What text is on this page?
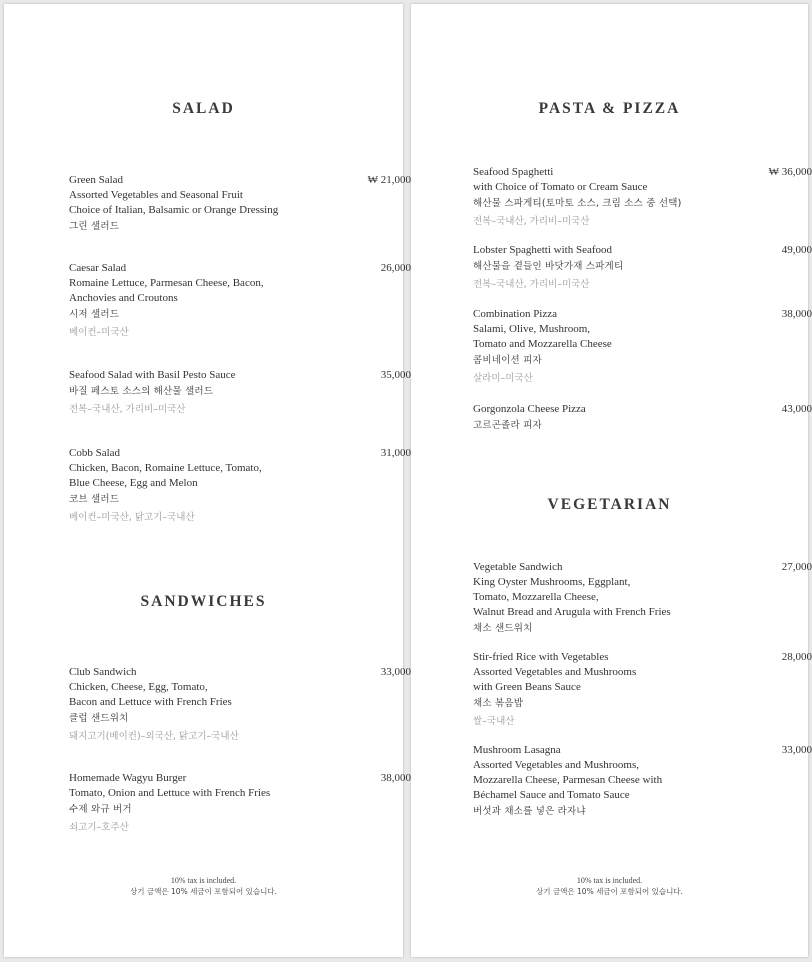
SALAD

Green Salad

Assorted Vegetables and Seasonal Fruit

Choice of Italian, Balsamic or Orange Dressing

그린 샐러드

₩ 21,000

Caesar Salad

Romaine Lettuce, Parmesan Cheese, Bacon,

Anchovies and Croutons

시저 샐러드

베이컨–미국산

26,000

Seafood Salad with Basil Pesto Sauce

바질 페스토 소스의 해산물 샐러드

전복–국내산, 가리비–미국산

35,000

Cobb Salad

Chicken, Bacon, Romaine Lettuce, Tomato,

Blue Cheese, Egg and Melon

코브 샐러드

베이컨–미국산, 닭고기–국내산

31,000
SANDWICHES

Club Sandwich

Chicken, Cheese, Egg, Tomato,

Bacon and Lettuce with French Fries

클럽 샌드위치

돼지고기(베이컨)–외국산, 닭고기–국내산

33,000

Homemade Wagyu Burger

Tomato, Onion and Lettuce with French Fries

수제 와규 버거

쇠고기–호주산

38,000

10% tax is included.

상기 금액은 10% 세금이 포함되어 있습니다.

PASTA & PIZZA

Seafood Spaghetti

with Choice of Tomato or Cream Sauce

해산물 스파게티(토마토 소스, 크림 소스 중 선택)

전복–국내산, 가리비–미국산

₩ 36,000

Lobster Spaghetti with Seafood

해산물을 곁들인 바닷가재 스파게티

전복–국내산, 가리비–미국산

49,000

Combination Pizza

Salami, Olive, Mushroom,

Tomato and Mozzarella Cheese

콤비네이션 피자

살라미–미국산

38,000

Gorgonzola Cheese Pizza

고르곤졸라 피자

43,000
VEGETARIAN

Vegetable Sandwich

King Oyster Mushrooms, Eggplant,

Tomato, Mozzarella Cheese,

Walnut Bread and Arugula with French Fries

채소 샌드위치

27,000

Stir-fried Rice with Vegetables

Assorted Vegetables and Mushrooms

with Green Beans Sauce

채소 볶음밥

쌀–국내산

28,000

Mushroom Lasagna

Assorted Vegetables and Mushrooms,

Mozzarella Cheese, Parmesan Cheese with

Béchamel Sauce and Tomato Sauce

버섯과 채소를 넣은 라자냐

33,000

10% tax is included.

상기 금액은 10% 세금이 포함되어 있습니다.
